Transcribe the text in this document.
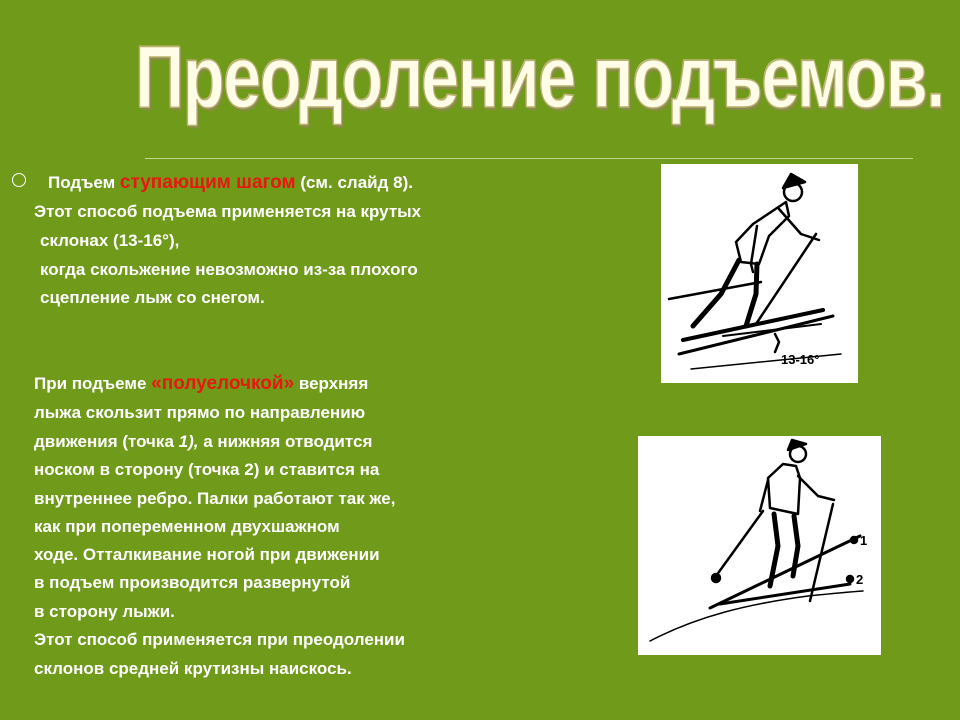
Преодоление подъемов.
Подъем ступающим шагом (см. слайд 8).
Этот способ подъема применяется на крутых
склонах (13-16°),
когда скольжение невозможно из-за плохого
сцепление лыж со снегом.
При подъеме «полуелочкой» верхняя
лыжа скользит прямо по направлению
движения (точка 1), а нижняя отводится
носком в сторону (точка 2) и ставится на
внутреннее ребро. Палки работают так же,
как при попеременном двухшажном
ходе. Отталкивание ногой при движении
в подъем производится развернутой
в сторону лыжи.
Этот способ применяется при преодолении
склонов средней крутизны наискось.
13-16°
1
2
